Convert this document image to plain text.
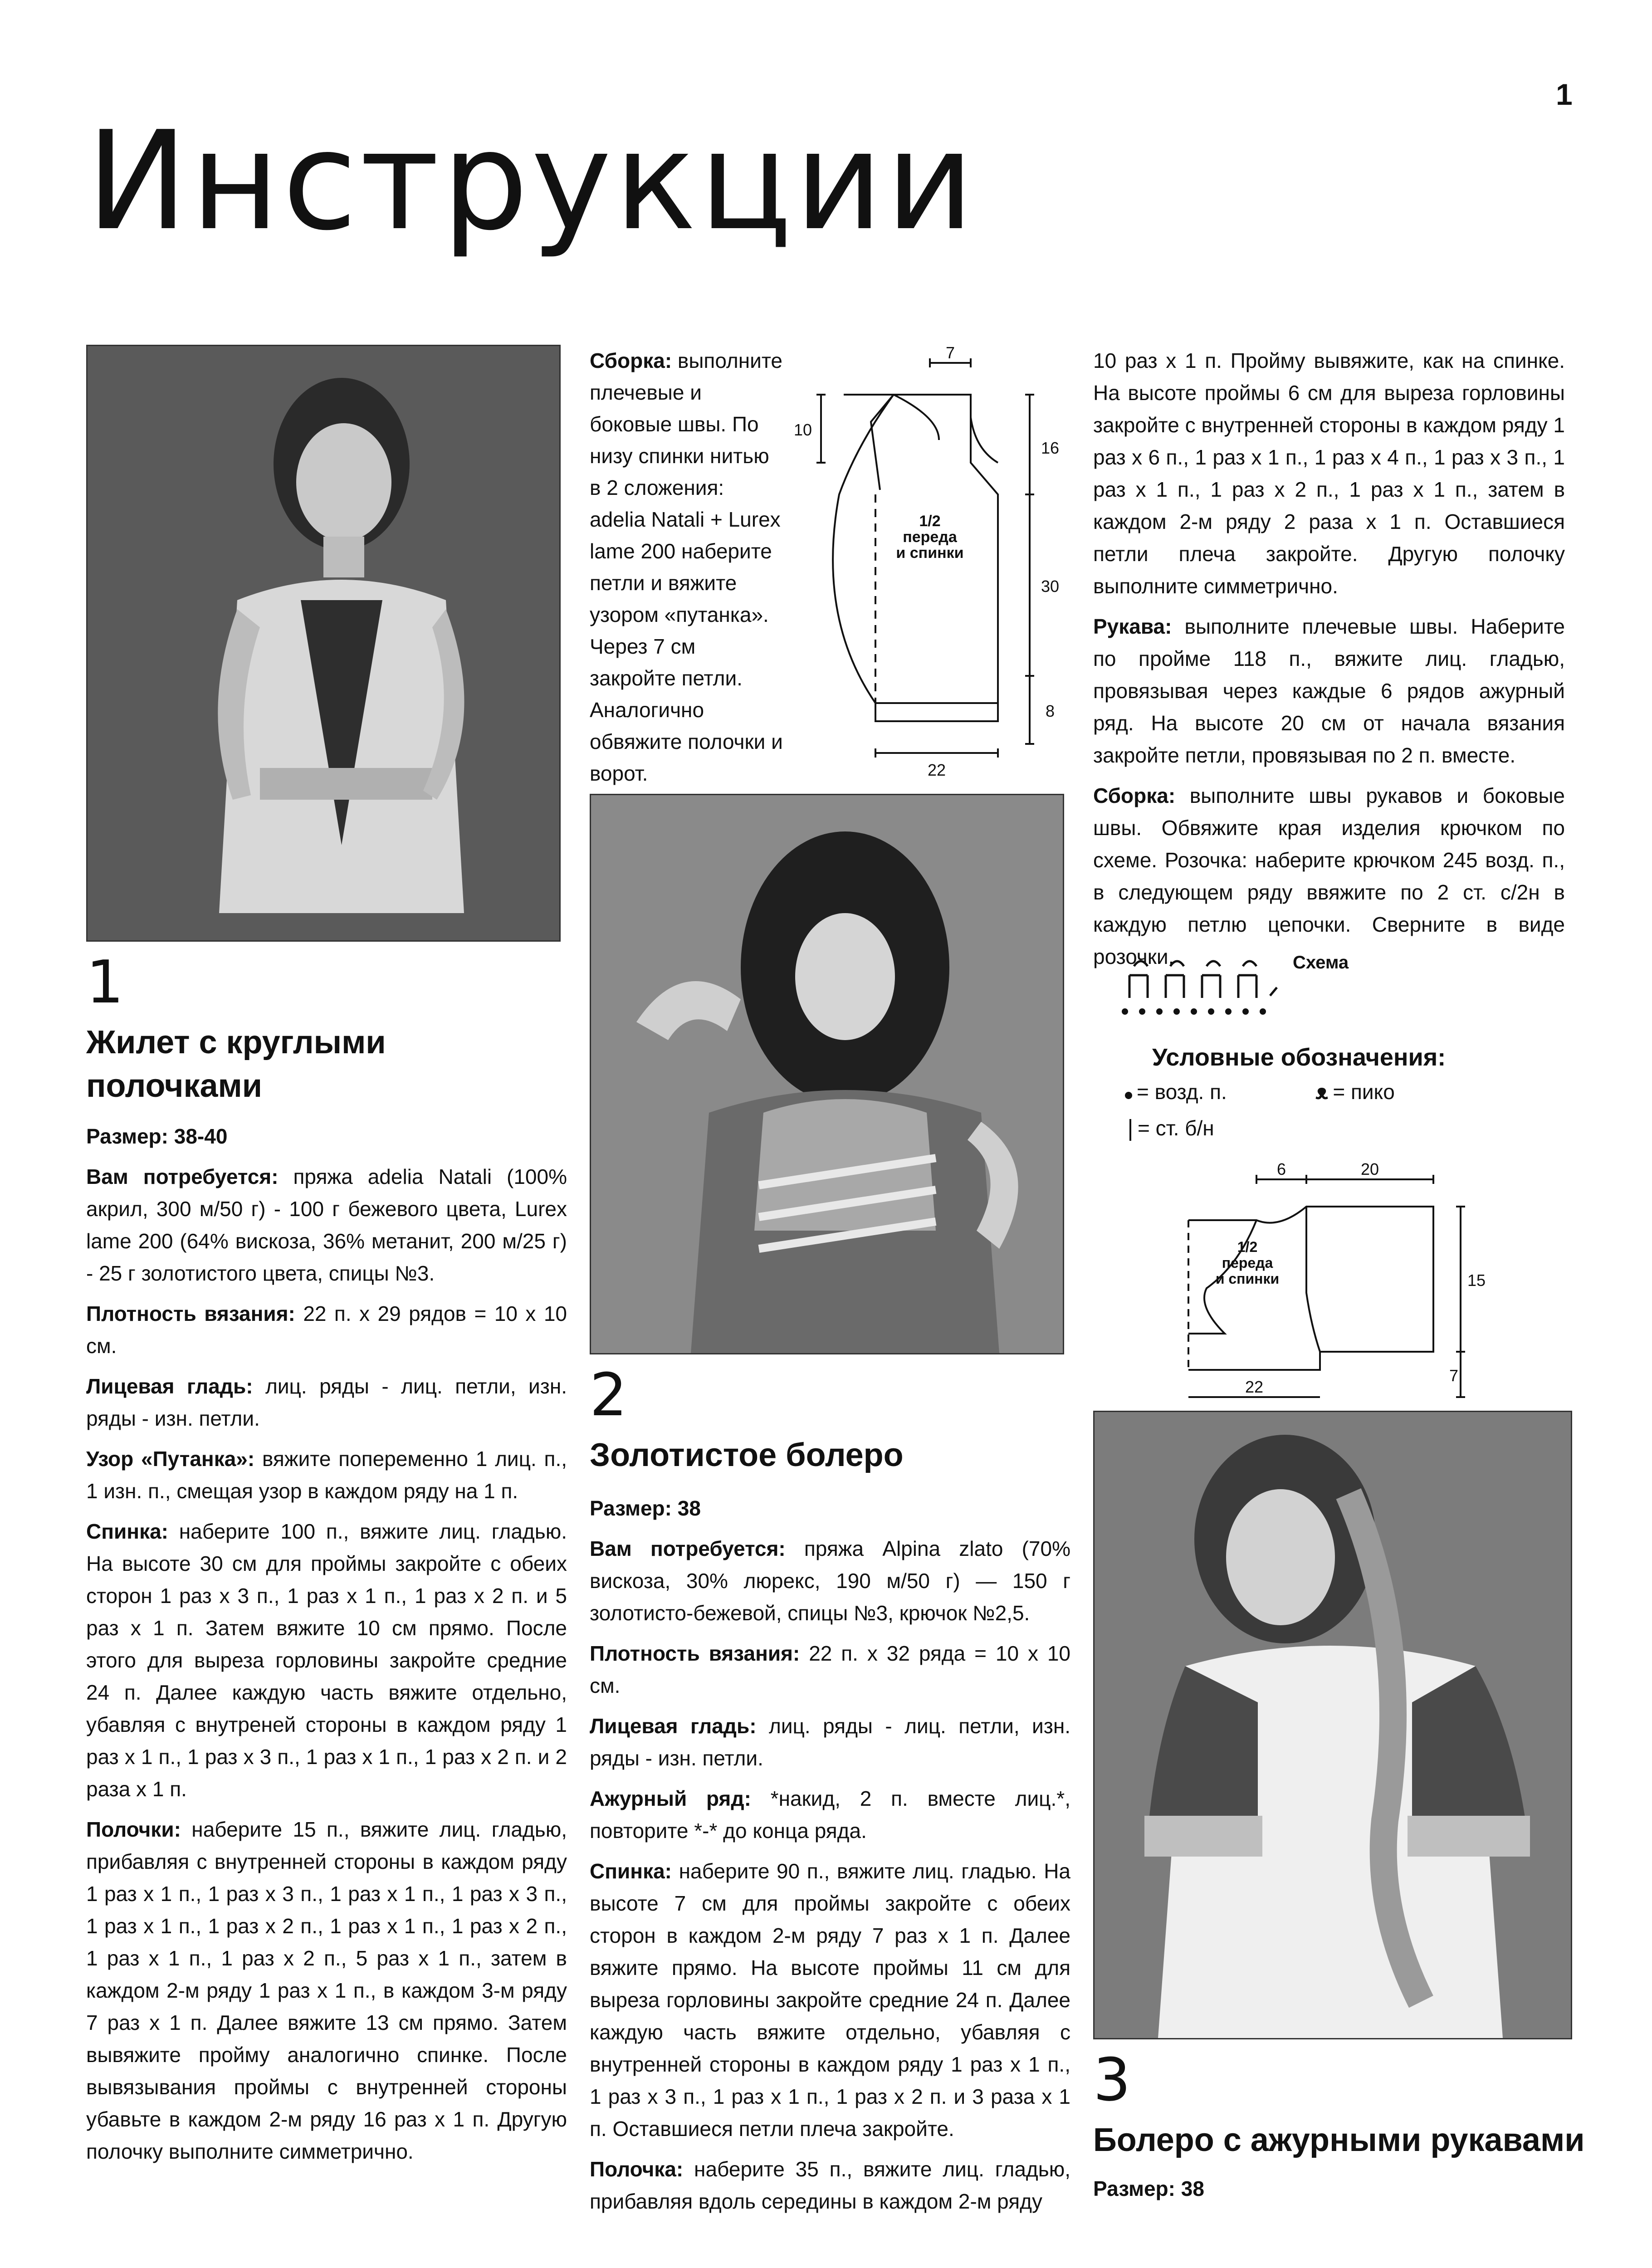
1
Инструкции
1
Жилет с круглыми
полочками

Размер: 38-40

Вам потребуется: пряжа adelia Natali (100% акрил, 300 м/50 г) - 100 г бежевого цвета, Lurex lame 200 (64% вискоза, 36% метанит, 200 м/25 г) - 25 г золотистого цвета, спицы №3.

Плотность вязания: 22 п. х 29 рядов = 10 х 10 см.

Лицевая гладь: лиц. ряды - лиц. петли, изн. ряды - изн. петли.

Узор «Путанка»: вяжите попеременно 1 лиц. п., 1 изн. п., смещая узор в каждом ряду на 1 п.

Спинка: наберите 100 п., вяжите лиц. гладью. На высоте 30 см для проймы закройте с обеих сторон 1 раз х 3 п., 1 раз х 1 п., 1 раз х 2 п. и 5 раз х 1 п. Затем вяжите 10 см прямо. После этого для выреза горловины закройте средние 24 п. Далее каждую часть вяжите отдельно, убавляя с внутреней стороны в каждом ряду 1 раз х 1 п., 1 раз х 3 п., 1 раз х 1 п., 1 раз х 2 п. и 2 раза х 1 п.

Полочки: наберите 15 п., вяжите лиц. гладью, прибавляя с внутренней стороны в каждом ряду 1 раз х 1 п., 1 раз х 3 п., 1 раз х 1 п., 1 раз х 3 п., 1 раз х 1 п., 1 раз х 2 п., 1 раз х 1 п., 1 раз х 2 п., 1 раз х 1 п., 1 раз х 2 п., 5 раз х 1 п., затем в каждом 2-м ряду 1 раз х 1 п., в каждом 3-м ряду 7 раз х 1 п. Далее вяжите 13 см прямо. Затем вывяжите пройму аналогично спинке. После вывязывания проймы с внутренней стороны убавьте в каждом 2-м ряду 16 раз х 1 п. Другую полочку выполните симметрично.

Сборка: выполните плечевые и боковые швы. По низу спинки нитью в 2 сложения: adelia Natali + Lurex lame 200 наберите петли и вяжите узором «путанка». Через 7 см закройте петли. Аналогично обвяжите полочки и ворот.

7
10
16
30
8
22
1/2
переда
и спинки
2
Золотистое болеро

Размер: 38

Вам потребуется: пряжа Alpina zlato (70% вискоза, 30% люрекс, 190 м/50 г) — 150 г золотисто-бежевой, спицы №3, крючок №2,5.

Плотность вязания: 22 п. х 32 ряда = 10 х 10 см.

Лицевая гладь: лиц. ряды - лиц. петли, изн. ряды - изн. петли.

Ажурный ряд: *накид, 2 п. вместе лиц.*, повторите *-* до конца ряда.

Спинка: наберите 90 п., вяжите лиц. гладью. На высоте 7 см для проймы закройте с обеих сторон в каждом 2-м ряду 7 раз х 1 п. Далее вяжите прямо. На высоте проймы 11 см для выреза горловины закройте средние 24 п. Далее каждую часть вяжите отдельно, убавляя с внутренней стороны в каждом ряду 1 раз х 1 п., 1 раз х 3 п., 1 раз х 1 п., 1 раз х 2 п. и 3 раза х 1 п. Оставшиеся петли плеча закройте.

Полочка: наберите 35 п., вяжите лиц. гладью, прибавляя вдоль середины в каждом 2-м ряду

10 раз х 1 п. Пройму вывяжите, как на спинке. На высоте проймы 6 см для выреза горловины закройте с внутренней стороны в каждом ряду 1 раз х 6 п., 1 раз х 1 п., 1 раз х 4 п., 1 раз х 3 п., 1 раз х 1 п., 1 раз х 2 п., 1 раз х 1 п., затем в каждом 2-м ряду 2 раза х 1 п. Оставшиеся петли плеча закройте. Другую полочку выполните симметрично.

Рукава: выполните плечевые швы. Наберите по пройме 118 п., вяжите лиц. гладью, провязывая через каждые 6 рядов ажурный ряд. На высоте 20 см от начала вязания закройте петли, провязывая по 2 п. вместе.

Сборка: выполните швы рукавов и боковые швы. Обвяжите края изделия крючком по схеме. Розочка: наберите крючком 245 возд. п., в следующем ряду ввяжите по 2 ст. с/2н в каждую петлю цепочки. Сверните в виде розочки.	Схема
Условные обозначения:
= возд. п.	ᴥ = пико
= ст. б/н
6	20
15
7
22
1/2
переда
и спинки
3
Болеро с ажурными рукавами

Размер: 38
